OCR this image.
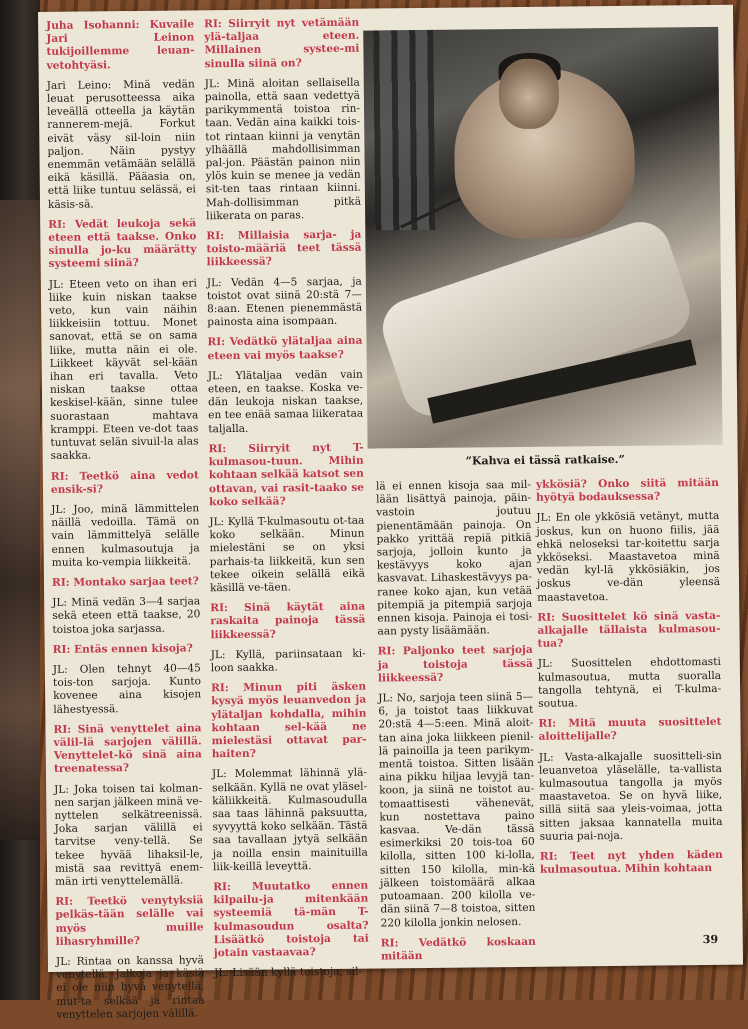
Juha Isohanni: Kuvaile Jari Leinon tukijoillemme leuan-vetohtyäsi.

Jari Leino: Minä vedän leuat perusotteessa aika leveällä otteella ja käytän rannerem-mejä. Forkut eivät väsy sil-loin niin paljon. Näin pystyy enemmän vetämään selällä eikä käsillä. Pääasia on, että liike tuntuu selässä, ei käsis-sä.

RI: Vedät leukoja sekä eteen että taakse. Onko sinulla jo-ku määrätty systeemi siinä?

JL: Eteen veto on ihan eri liike kuin niskan taakse veto, kun vain näihin liikkeisiin tottuu. Monet sanovat, että se on sama liike, mutta näin ei ole. Liikkeet käyvät sel-kään ihan eri tavalla. Veto niskan taakse ottaa keskisel-kään, sinne tulee suorastaan mahtava kramppi. Eteen ve-dot taas tuntuvat selän sivuil-la alas saakka.

RI: Teetkö aina vedot ensik-si?

JL: Joo, minä lämmittelen näillä vedoilla. Tämä on vain lämmittelyä selälle ennen kulmasoutuja ja muita ko-vempia liikkeitä.

RI: Montako sarjaa teet?

JL: Minä vedän 3—4 sarjaa sekä eteen että taakse, 20 toistoa joka sarjassa.

RI: Entäs ennen kisoja?

JL: Olen tehnyt 40—45 tois-ton sarjoja. Kunto kovenee aina kisojen lähestyessä.

RI: Sinä venyttelet aina välil-lä sarjojen välillä. Venyttelet-kö sinä aina treenatessa?

JL: Joka toisen tai kolman-nen sarjan jälkeen minä ve-nyttelen selkätreenissä. Joka sarjan välillä ei tarvitse veny-tellä. Se tekee hyvää lihaksil-le, mistä saa revittyä enem-män irti venyttelemällä.

RI: Teetkö venytyksiä pelkäs-tään selälle vai myös muille lihasryhmille?

JL: Rintaa on kanssa hyvä venytellä. Jalkoja ja käsiä ei ole niin hyvä venytellä, mut-ta selkää ja rintaa venyttelen sarjojen välillä.

RI: Siirryit nyt vetämään ylä-taljaa eteen. Millainen systee-mi sinulla siinä on?

JL: Minä aloitan sellaisella painolla, että saan vedettyä parikymmentä toistoa rin-taan. Vedän aina kaikki tois-tot rintaan kiinni ja venytän ylhäällä mahdollisimman pal-jon. Päästän painon niin ylös kuin se menee ja vedän sit-ten taas rintaan kiinni. Mah-dollisimman pitkä liikerata on paras.

RI: Millaisia sarja- ja toisto-määriä teet tässä liikkeessä?

JL: Vedän 4—5 sarjaa, ja toistot ovat siinä 20:stä 7—8:aan. Etenen pienemmästä painosta aina isompaan.

RI: Vedätkö ylätaljaa aina eteen vai myös taakse?

JL: Ylätaljaa vedän vain eteen, en taakse. Koska ve-dän leukoja niskan taakse, en tee enää samaa liikerataa taljalla.

RI: Siirryit nyt T-kulmasou-tuun. Mihin kohtaan selkää katsot sen ottavan, vai rasit-taako se koko selkää?

JL: Kyllä T-kulmasoutu ot-taa koko selkään. Minun mielestäni se on yksi parhais-ta liikkeitä, kun sen tekee oikein selällä eikä käsillä ve-täen.

RI: Sinä käytät aina raskaita painoja tässä liikkeessä?

JL: Kyllä, pariinsataan ki-loon saakka.

RI: Minun piti äsken kysyä myös leuanvedon ja ylätaljan kohdalla, mihin kohtaan sel-kää ne mielestäsi ottavat par-haiten?

JL: Molemmat lähinnä ylä-selkään. Kyllä ne ovat yläsel-käliikkeitä. Kulmasoudulla saa taas lähinnä paksuutta, syvyyttä koko selkään. Tästä saa tavallaan jytyä selkään ja noilla ensin mainituilla liik-keillä leveyttä.

RI: Muutatko ennen kilpailu-ja mitenkään systeemiä tä-män T-kulmasoudun osalta? Lisäätkö toistoja tai jotain vastaavaa?

JL: Lisään kyllä toistoja, sil-

”Kahva ei tässä ratkaise.”

lä ei ennen kisoja saa mil-lään lisättyä painoja, päin-vastoin joutuu pienentämään painoja. On pakko yrittää repiä pitkiä sarjoja, jolloin kunto ja kestävyys koko ajan kasvavat. Lihaskestävyys pa-ranee koko ajan, kun vetää pitempiä ja pitempiä sarjoja ennen kisoja. Painoja ei tosi-aan pysty lisäämään.

RI: Paljonko teet sarjoja ja toistoja tässä liikkeessä?

JL: No, sarjoja teen siinä 5—6, ja toistot taas liikkuvat 20:stä 4—5:een. Minä aloit-tan aina joka liikkeen pienil-lä painoilla ja teen parikym-mentä toistoa. Sitten lisään aina pikku hiljaa levyjä tan-koon, ja siinä ne toistot au-tomaattisesti vähenevät, kun nostettava paino kasvaa. Ve-dän tässä esimerkiksi 20 tois-toa 60 kilolla, sitten 100 ki-lolla, sitten 150 kilolla, min-kä jälkeen toistomäärä alkaa putoamaan. 200 kilolla ve-dän siinä 7—8 toistoa, sitten 220 kilolla jonkin nelosen.

RI: Vedätkö koskaan mitään

ykkösiä? Onko siitä mitään hyötyä bodauksessa?

JL: En ole ykkösiä vetänyt, mutta joskus, kun on huono fiilis, jää ehkä neloseksi tar-koitettu sarja ykköseksi. Maastavetoa minä vedän kyl-lä ykkösiäkin, jos joskus ve-dän yleensä maastavetoa.

RI: Suosittelet kö sinä vasta-alkajalle tällaista kulmasou-tua?

JL: Suosittelen ehdottomasti kulmasoutua, mutta suoralla tangolla tehtynä, ei T-kulma-soutua.

RI: Mitä muuta suosittelet aloittelijalle?

JL: Vasta-alkajalle suositteli-sin leuanvetoa yläselälle, ta-vallista kulmasoutua tangolla ja myös maastavetoa. Se on hyvä liike, sillä siitä saa yleis-voimaa, jotta sitten jaksaa kannatella muita suuria pai-noja.

RI: Teet nyt yhden käden kulmasoutua. Mihin kohtaan

39
